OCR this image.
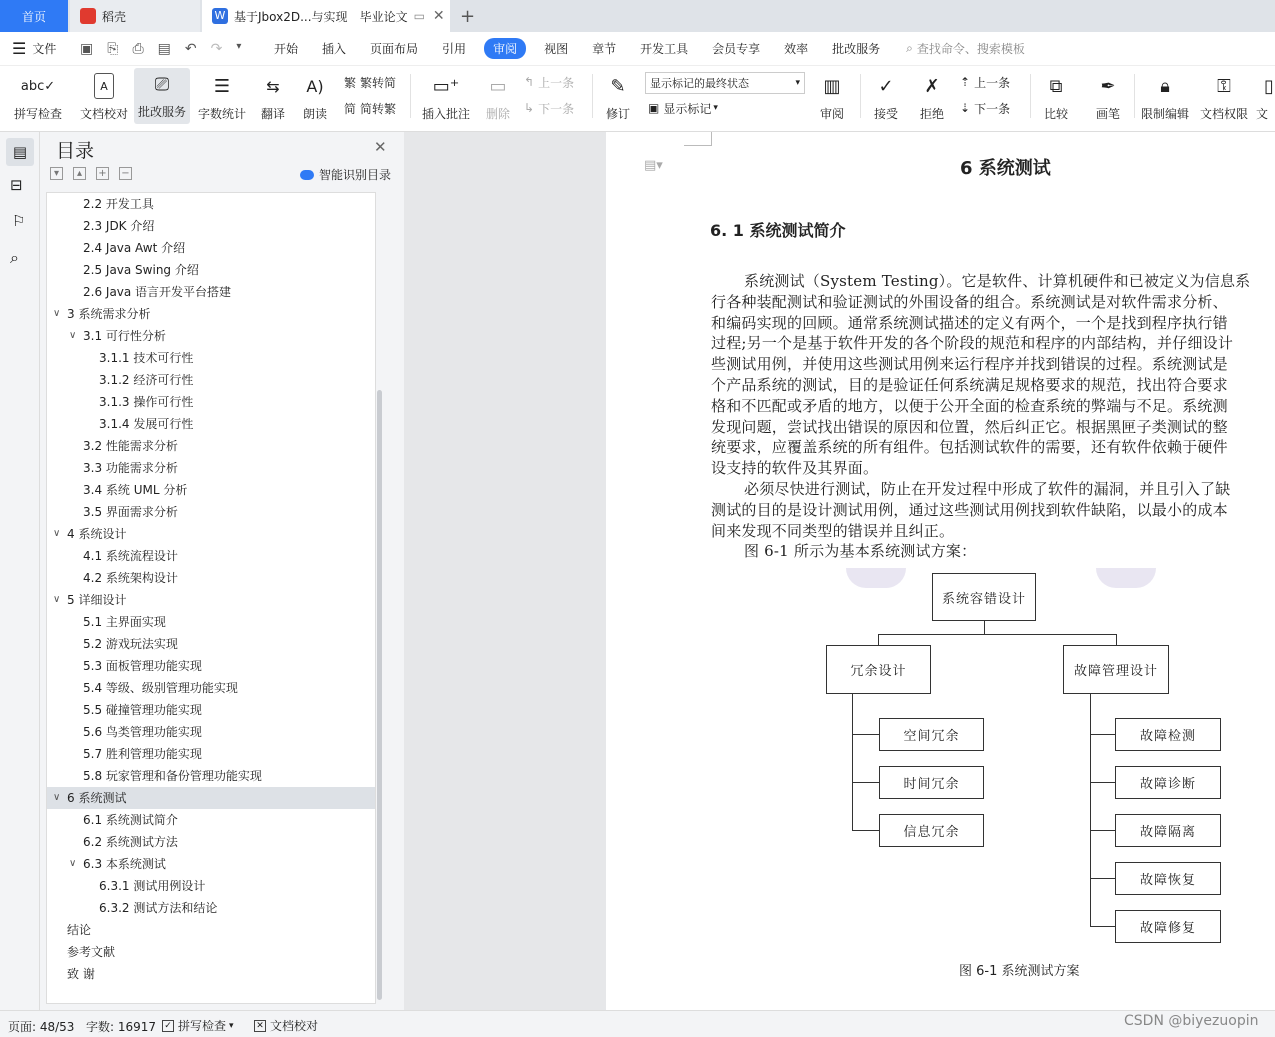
首页	稻壳	W 基于Jbox2D...与实现 毕业论文 ▭ ✕ +
☰ 文件 ▣ ⎘ ⎙ ▤ ↶ ↷ ▾	开始	插入	页面布局	引用	审阅	视图	章节	开发工具	会员专享	效率	批改服务	⌕ 查找命令、搜索模板
abc✓
拼写检查
A
文档校对
⎚
批改服务
☰
字数统计
⇆
翻译
A)
朗读
繁 繁转简
简 简转繁
▭⁺
插入批注
▭
删除
↰ 上一条
↳ 下一条
✎
修订
显示标记的最终状态	▾
▣ 显示标记 ▾
▥
审阅
✓
接受
✗
拒绝
⇡ 上一条
⇣ 下一条
⧉
比较
✒
画笔
🔒︎
限制编辑
⚿
文档权限
▯
文
▤
⊟
⚐
⌕
目录	✕
▾	▴	+ −	智能识别目录
2.2 开发工具
2.3 JDK 介绍
2.4 Java Awt 介绍
2.5 Java Swing 介绍
2.6 Java 语言开发平台搭建
∨ 3 系统需求分析
∨ 3.1 可行性分析
3.1.1 技术可行性
3.1.2 经济可行性
3.1.3 操作可行性
3.1.4 发展可行性
3.2 性能需求分析
3.3 功能需求分析
3.4 系统 UML 分析
3.5 界面需求分析
∨ 4 系统设计
4.1 系统流程设计
4.2 系统架构设计
∨ 5 详细设计
5.1 主界面实现
5.2 游戏玩法实现
5.3 面板管理功能实现
5.4 等级、级别管理功能实现
5.5 碰撞管理功能实现
5.6 鸟类管理功能实现
5.7 胜利管理功能实现
5.8 玩家管理和备份管理功能实现
∨ 6 系统测试
6.1 系统测试简介
6.2 系统测试方法
∨ 6.3 本系统测试
6.3.1 测试用例设计
6.3.2 测试方法和结论
结论
参考文献
致 谢
▤▾	6 系统测试
6. 1 系统测试简介
系统测试（System Testing）。它是软件、计算机硬件和已被定义为信息系
行各种装配测试和验证测试的外围设备的组合。系统测试是对软件需求分析、
和编码实现的回顾。通常系统测试描述的定义有两个，一个是找到程序执行错
过程;另一个是基于软件开发的各个阶段的规范和程序的内部结构，并仔细设计
些测试用例，并使用这些测试用例来运行程序并找到错误的过程。系统测试是
个产品系统的测试，目的是验证任何系统满足规格要求的规范，找出符合要求
格和不匹配或矛盾的地方，以便于公开全面的检查系统的弊端与不足。系统测
发现问题，尝试找出错误的原因和位置，然后纠正它。根据黑匣子类测试的整
统要求，应覆盖系统的所有组件。包括测试软件的需要，还有软件依赖于硬件
设支持的软件及其界面。
必须尽快进行测试，防止在开发过程中形成了软件的漏洞，并且引入了缺
测试的目的是设计测试用例，通过这些测试用例找到软件缺陷，以最小的成本
间来发现不同类型的错误并且纠正。
图 6-1 所示为基本系统测试方案：
系统容错设计
冗余设计	故障管理设计
空间冗余
时间冗余
信息冗余
故障检测
故障诊断
故障隔离
故障恢复
故障修复
图 6-1 系统测试方案
页面: 48/53 字数: 16917 ✓ 拼写检查 ▾	✕ 文档校对	CSDN @biyezuopin
